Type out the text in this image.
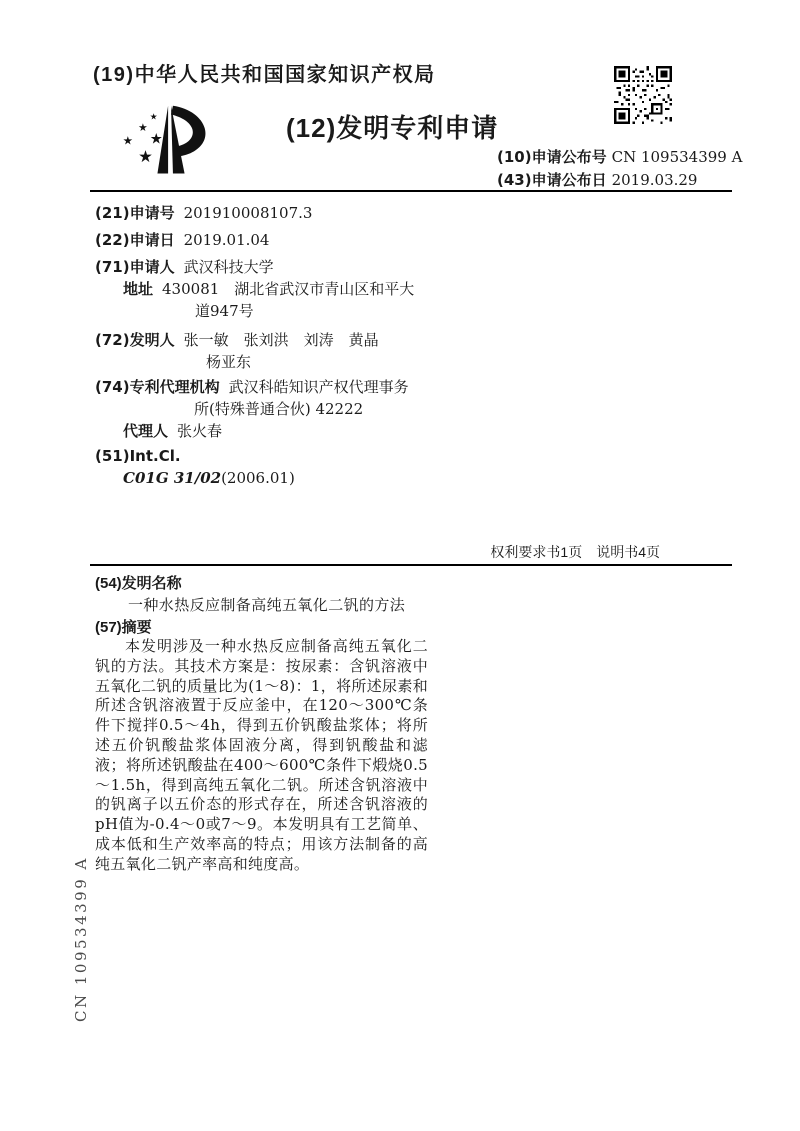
(19)中华人民共和国国家知识产权局
★
★
★
★
★
(12)发明专利申请
(10)申请公布号 CN 109534399 A
(43)申请公布日 2019.03.29
(21)申请号 201910008107.3
(22)申请日 2019.01.04
(71)申请人 武汉科技大学
地址 430081　湖北省武汉市青山区和平大
道947号
(72)发明人 张一敏　张刘洪　刘涛　黄晶
杨亚东
(74)专利代理机构 武汉科皓知识产权代理事务
所(特殊普通合伙) 42222
代理人 张火春
(51)Int.Cl.
C01G 31/02(2006.01)
权利要求书1页　说明书4页
(54)发明名称
一种水热反应制备高纯五氧化二钒的方法
(57)摘要
本发明涉及一种水热反应制备高纯五氧化二钒的方法。其技术方案是：按尿素：含钒溶液中五氧化二钒的质量比为(1～8)：1，将所述尿素和所述含钒溶液置于反应釜中，在120～300℃条件下搅拌0.5～4h，得到五价钒酸盐浆体；将所述五价钒酸盐浆体固液分离，得到钒酸盐和滤液；将所述钒酸盐在400～600℃条件下煅烧0.5～1.5h，得到高纯五氧化二钒。所述含钒溶液中的钒离子以五价态的形式存在，所述含钒溶液的pH值为-0.4～0或7～9。本发明具有工艺简单、成本低和生产效率高的特点；用该方法制备的高纯五氧化二钒产率高和纯度高。
CN 109534399 A
